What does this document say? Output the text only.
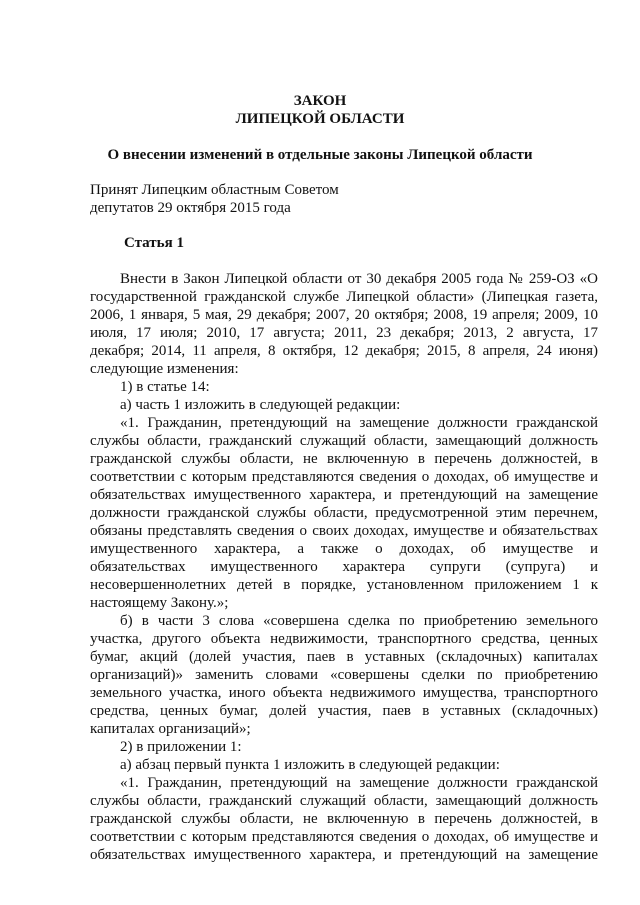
ЗАКОН

ЛИПЕЦКОЙ ОБЛАСТИ

О внесении изменений в отдельные законы Липецкой области

Принят Липецким областным Советом

депутатов 29 октября 2015 года

Статья 1

Внести в Закон Липецкой области от 30 декабря 2005 года № 259-ОЗ «О

государственной гражданской службе Липецкой области» (Липецкая газета,

2006, 1 января, 5 мая, 29 декабря; 2007, 20 октября; 2008, 19 апреля; 2009, 10

июля, 17 июля; 2010, 17 августа; 2011, 23 декабря; 2013, 2 августа, 17

декабря; 2014, 11 апреля, 8 октября, 12 декабря; 2015, 8 апреля, 24 июня)

следующие изменения:

1) в статье 14:

а) часть 1 изложить в следующей редакции:

«1. Гражданин, претендующий на замещение должности гражданской

службы области, гражданский служащий области, замещающий должность

гражданской службы области, не включенную в перечень должностей, в

соответствии с которым представляются сведения о доходах, об имуществе и

обязательствах имущественного характера, и претендующий на замещение

должности гражданской службы области, предусмотренной этим перечнем,

обязаны представлять сведения о своих доходах, имуществе и обязательствах

имущественного характера, а также о доходах, об имуществе и

обязательствах имущественного характера супруги (супруга) и

несовершеннолетних детей в порядке, установленном приложением 1 к

настоящему Закону.»;

б) в части 3 слова «совершена сделка по приобретению земельного

участка, другого объекта недвижимости, транспортного средства, ценных

бумаг, акций (долей участия, паев в уставных (складочных) капиталах

организаций)» заменить словами «совершены сделки по приобретению

земельного участка, иного объекта недвижимого имущества, транспортного

средства, ценных бумаг, долей участия, паев в уставных (складочных)

капиталах организаций»;

2) в приложении 1:

а) абзац первый пункта 1 изложить в следующей редакции:

«1. Гражданин, претендующий на замещение должности гражданской

службы области, гражданский служащий области, замещающий должность

гражданской службы области, не включенную в перечень должностей, в

соответствии с которым представляются сведения о доходах, об имуществе и

обязательствах имущественного характера, и претендующий на замещение
